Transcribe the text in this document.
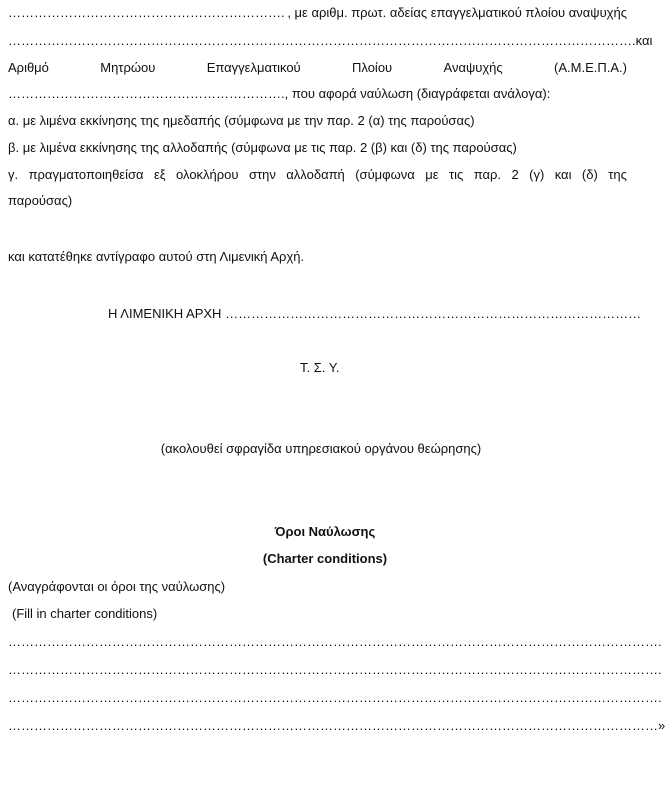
………………………………………………………. , με αριθμ. πρωτ. αδείας επαγγελματικού πλοίου αναψυχής
………………………………………………………………………………………………………………………………. και
Αριθμό	Μητρώου	Επαγγελματικού	Πλοίου	Αναψυχής	(Α.Μ.Ε.Π.Α.)
………………………………………………………., που αφορά ναύλωση (διαγράφεται ανάλογα):
α. με λιμένα εκκίνησης της ημεδαπής (σύμφωνα με την παρ. 2 (α) της παρούσας)
β. με λιμένα εκκίνησης της αλλοδαπής (σύμφωνα με τις παρ. 2 (β) και (δ) της παρούσας)
γ. πραγματοποιηθείσα εξ ολοκλήρου στην αλλοδαπή (σύμφωνα με τις παρ. 2 (γ) και (δ) της
παρούσας)
και κατατέθηκε αντίγραφο αυτού στη Λιμενική Αρχή.
Η ΛΙΜΕΝΙΚΗ ΑΡΧΗ ……………………………………………………………………………………
Τ. Σ. Υ.
(ακολουθεί σφραγίδα υπηρεσιακού οργάνου θεώρησης)
Όροι Ναύλωσης
(Charter conditions)
(Αναγράφονται οι όροι της ναύλωσης)
(Fill in charter conditions)
…………………………………………………………………………………………………………………………………….
…………………………………………………………………………………………………………………………………….
…………………………………………………………………………………………………………………………………….
……………………………………………………………………………………………………………………………………»
